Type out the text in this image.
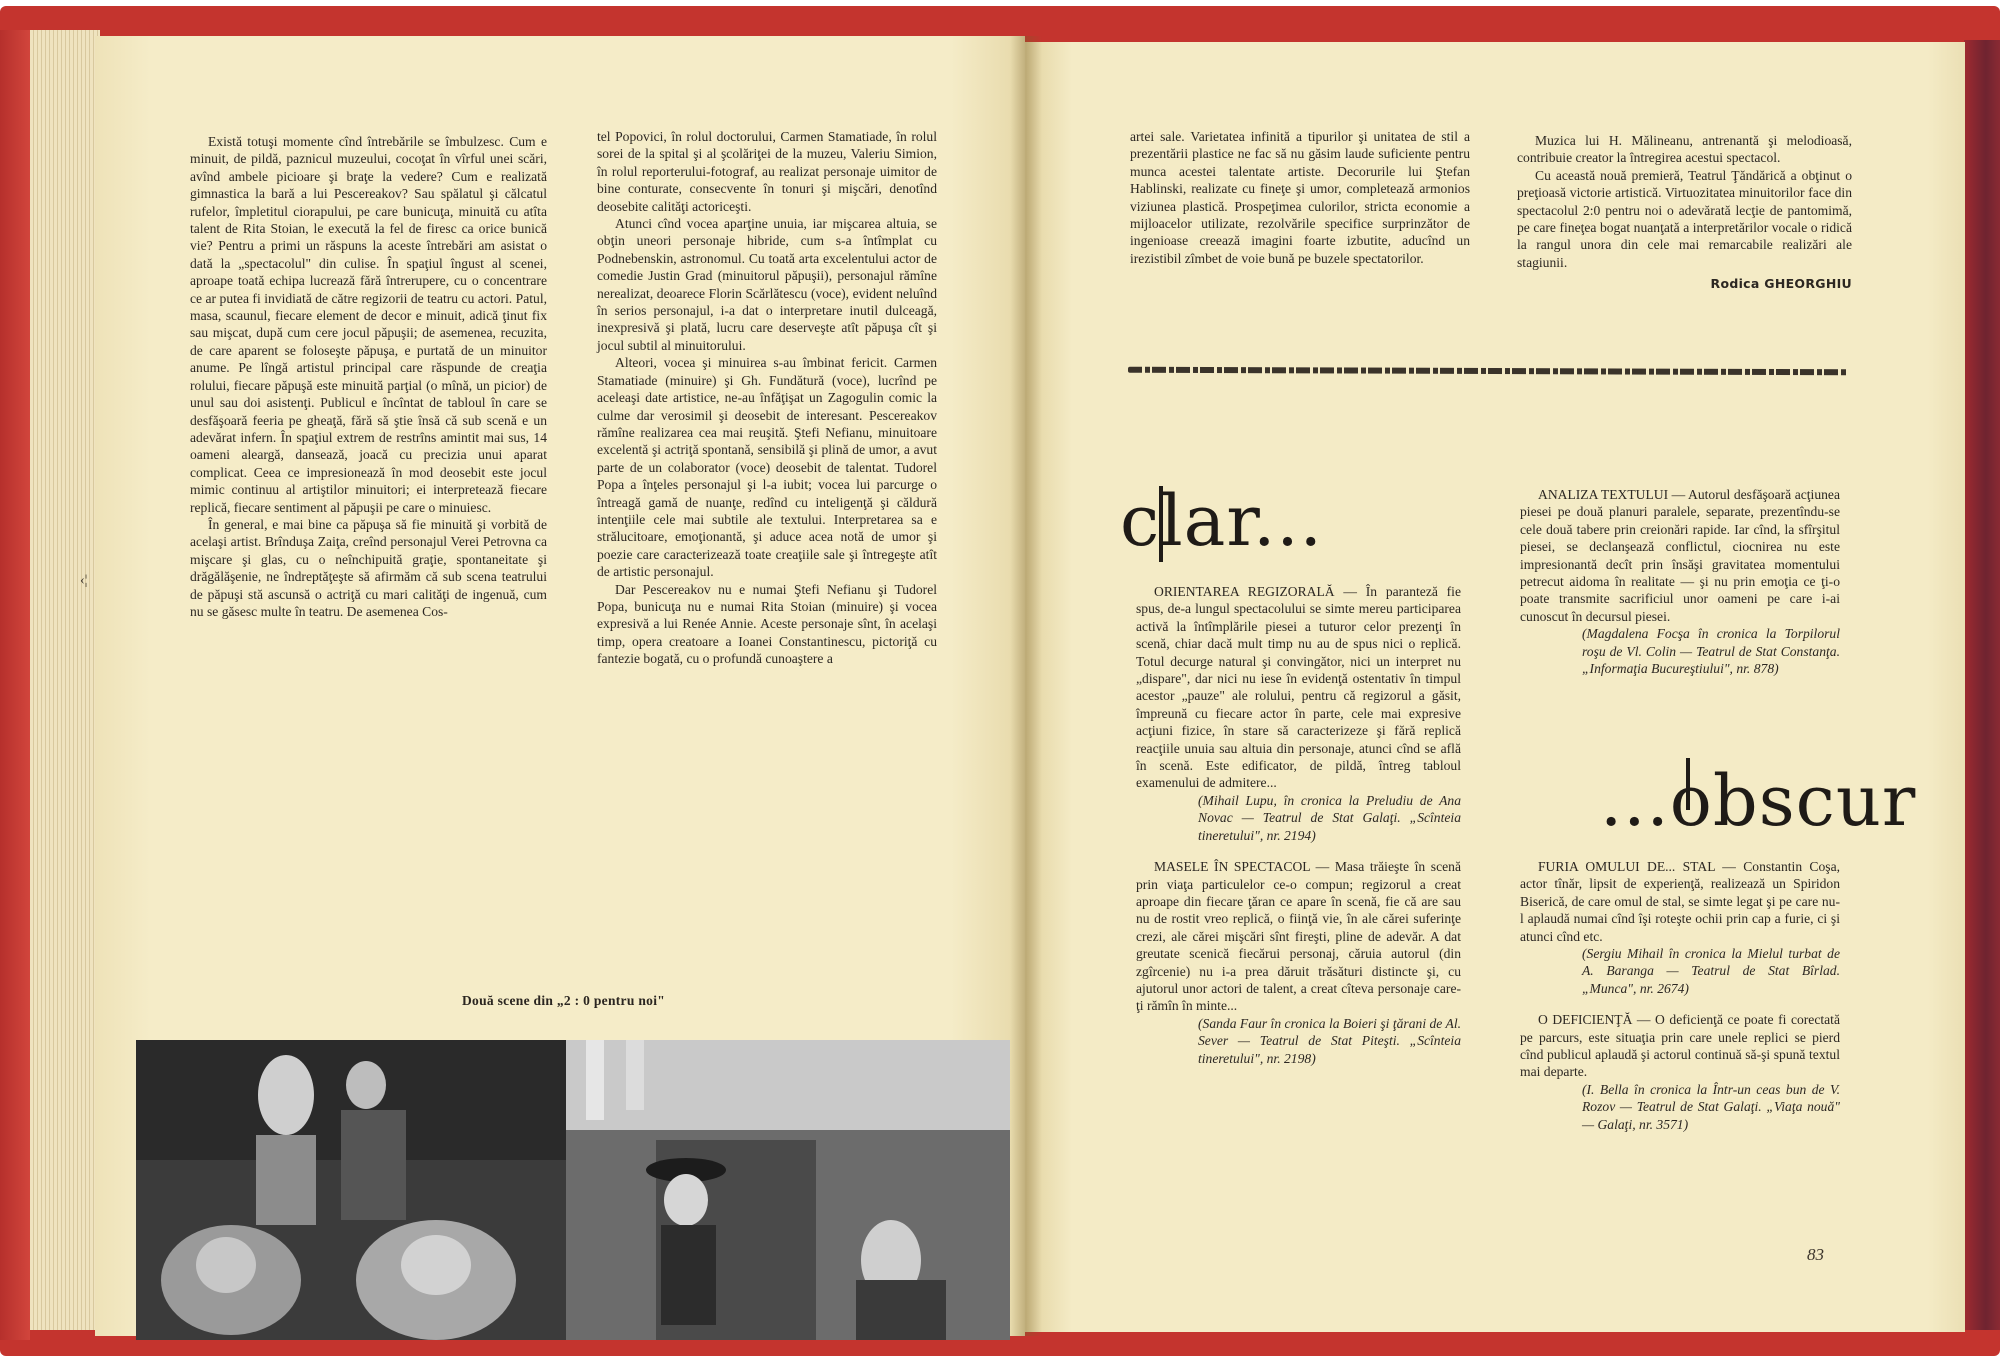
‹¦

Există totuşi momente cînd întrebările se îmbulzesc. Cum e minuit, de pildă, paznicul muzeului, cocoţat în vîrful unei scări, avînd ambele picioare şi braţe la vedere? Cum e realizată gimnastica la bară a lui Pescereakov? Sau spălatul şi călcatul rufelor, împletitul ciorapului, pe care bunicuţa, minuită cu atîta talent de Rita Stoian, le execută la fel de firesc ca orice bunică vie? Pentru a primi un răspuns la aceste întrebări am asistat o dată la „spectacolul" din culise. În spaţiul îngust al scenei, aproape toată echipa lucrează fără întrerupere, cu o concentrare ce ar putea fi invidiată de către regizorii de teatru cu actori. Patul, masa, scaunul, fiecare element de decor e minuit, adică ţinut fix sau mişcat, după cum cere jocul păpuşii; de asemenea, recuzita, de care aparent se foloseşte păpuşa, e purtată de un minuitor anume. Pe lîngă artistul principal care răspunde de creaţia rolului, fiecare păpuşă este minuită parţial (o mînă, un picior) de unul sau doi asistenţi. Publicul e încîntat de tabloul în care se desfăşoară feeria pe gheaţă, fără să ştie însă că sub scenă e un adevărat infern. În spaţiul extrem de restrîns amintit mai sus, 14 oameni aleargă, dansează, joacă cu precizia unui aparat complicat. Ceea ce impresionează în mod deosebit este jocul mimic continuu al artiştilor minuitori; ei interpretează fiecare replică, fiecare sentiment al păpuşii pe care o minuiesc.

În general, e mai bine ca păpuşa să fie minuită şi vorbită de acelaşi artist. Brînduşa Zaiţa, creînd personajul Verei Petrovna ca mişcare şi glas, cu o neînchipuită graţie, spontaneitate şi drăgălăşenie, ne îndreptăţeşte să afirmăm că sub scena teatrului de păpuşi stă ascunsă o actriţă cu mari calităţi de ingenuă, cum nu se găsesc multe în teatru. De asemenea Cos-

tel Popovici, în rolul doctorului, Carmen Stamatiade, în rolul sorei de la spital şi al şcolăriţei de la muzeu, Valeriu Simion, în rolul reporterului-fotograf, au realizat personaje uimitor de bine conturate, consecvente în tonuri şi mişcări, denotînd deosebite calităţi actoriceşti.

Atunci cînd vocea aparţine unuia, iar mişcarea altuia, se obţin uneori personaje hibride, cum s-a întîmplat cu Podnebenskin, astronomul. Cu toată arta excelentului actor de comedie Justin Grad (minuitorul păpuşii), personajul rămîne nerealizat, deoarece Florin Scărlătescu (voce), evident neluînd în serios personajul, i-a dat o interpretare inutil dulceagă, inexpresivă şi plată, lucru care deserveşte atît păpuşa cît şi jocul subtil al minuitorului.

Alteori, vocea şi minuirea s-au îmbinat fericit. Carmen Stamatiade (minuire) şi Gh. Fundătură (voce), lucrînd pe aceleaşi date artistice, ne-au înfăţişat un Zagogulin comic la culme dar verosimil şi deosebit de interesant. Pescereakov rămîne realizarea cea mai reuşită. Ştefi Nefianu, minuitoare excelentă şi actriţă spontană, sensibilă şi plină de umor, a avut parte de un colaborator (voce) deosebit de talentat. Tudorel Popa a înţeles personajul şi l-a iubit; vocea lui parcurge o întreagă gamă de nuanţe, redînd cu inteligenţă şi căldură intenţiile cele mai subtile ale textului. Interpretarea sa e strălucitoare, emoţionantă, şi aduce acea notă de umor şi poezie care caracterizează toate creaţiile sale şi întregeşte atît de artistic personajul.

Dar Pescereakov nu e numai Ştefi Nefianu şi Tudorel Popa, bunicuţa nu e numai Rita Stoian (minuire) şi vocea expresivă a lui Renée Annie. Aceste personaje sînt, în acelaşi timp, opera creatoare a Ioanei Constantinescu, pictoriţă cu fantezie bogată, cu o profundă cunoaştere a

Două scene din „2 : 0 pentru noi"

artei sale. Varietatea infinită a tipurilor şi unitatea de stil a prezentării plastice ne fac să nu găsim laude suficiente pentru munca acestei talentate artiste. Decorurile lui Ştefan Hablinski, realizate cu fineţe şi umor, completează armonios viziunea plastică. Prospeţimea culorilor, stricta economie a mijloacelor utilizate, rezolvările specifice surprinzător de ingenioase creează imagini foarte izbutite, aducînd un irezistibil zîmbet de voie bună pe buzele spectatorilor.

Muzica lui H. Mălineanu, antrenantă şi melodioasă, contribuie creator la întregirea acestui spectacol.

Cu această nouă premieră, Teatrul Ţăndărică a obţinut o preţioasă victorie artistică. Virtuozitatea minuitorilor face din spectacolul 2:0 pentru noi o adevărată lecţie de pantomimă, pe care fineţea bogat nuanţată a interpretărilor vocale o ridică la rangul unora din cele mai remarcabile realizări ale stagiunii.

Rodica GHEORGHIU
clar...

ORIENTAREA REGIZORALĂ — În paranteză fie spus, de-a lungul spectacolului se simte mereu participarea activă la întîmplările piesei a tuturor celor prezenţi în scenă, chiar dacă mult timp nu au de spus nici o replică. Totul decurge natural şi convingător, nici un interpret nu „dispare", dar nici nu iese în evidenţă ostentativ în timpul acestor „pauze" ale rolului, pentru că regizorul a găsit, împreună cu fiecare actor în parte, cele mai expresive acţiuni fizice, în stare să caracterizeze şi fără replică reacţiile unuia sau altuia din personaje, atunci cînd se află în scenă. Este edificator, de pildă, întreg tabloul examenului de admitere...

(Mihail Lupu, în cronica la Preludiu de Ana Novac — Teatrul de Stat Galaţi. „Scînteia tineretului", nr. 2194)

MASELE ÎN SPECTACOL — Masa trăieşte în scenă prin viaţa particulelor ce-o compun; regizorul a creat aproape din fiecare ţăran ce apare în scenă, fie că are sau nu de rostit vreo replică, o fiinţă vie, în ale cărei suferinţe crezi, ale cărei mişcări sînt fireşti, pline de adevăr. A dat greutate scenică fiecărui personaj, căruia autorul (din zgîrcenie) nu i-a prea dăruit trăsături distincte şi, cu ajutorul unor actori de talent, a creat cîteva personaje care-ţi rămîn în minte...

(Sanda Faur în cronica la Boieri şi ţărani de Al. Sever — Teatrul de Stat Piteşti. „Scînteia tineretului", nr. 2198)

ANALIZA TEXTULUI — Autorul desfăşoară acţiunea piesei pe două planuri paralele, separate, prezentîndu-se cele două tabere prin creionări rapide. Iar cînd, la sfîrşitul piesei, se declanşează conflictul, ciocnirea nu este impresionantă decît prin însăşi gravitatea momentului petrecut aidoma în realitate — şi nu prin emoţia ce ţi-o poate transmite sacrificiul unor oameni pe care i-ai cunoscut în decursul piesei.

(Magdalena Focşa în cronica la Torpilorul roşu de Vl. Colin — Teatrul de Stat Constanţa. „Informaţia Bucureştiului", nr. 878)

...obscur

FURIA OMULUI DE... STAL — Constantin Coşa, actor tînăr, lipsit de experienţă, realizează un Spiridon Biserică, de care omul de stal, se simte legat şi pe care nu-l aplaudă numai cînd îşi roteşte ochii prin cap a furie, ci şi atunci cînd etc.

(Sergiu Mihail în cronica la Mielul turbat de A. Baranga — Teatrul de Stat Bîrlad. „Munca", nr. 2674)

O DEFICIENŢĂ — O deficienţă ce poate fi corectată pe parcurs, este situaţia prin care unele replici se pierd cînd publicul aplaudă şi actorul continuă să-şi spună textul mai departe.

(I. Bella în cronica la Într-un ceas bun de V. Rozov — Teatrul de Stat Galaţi. „Viaţa nouă" — Galaţi, nr. 3571)

83
